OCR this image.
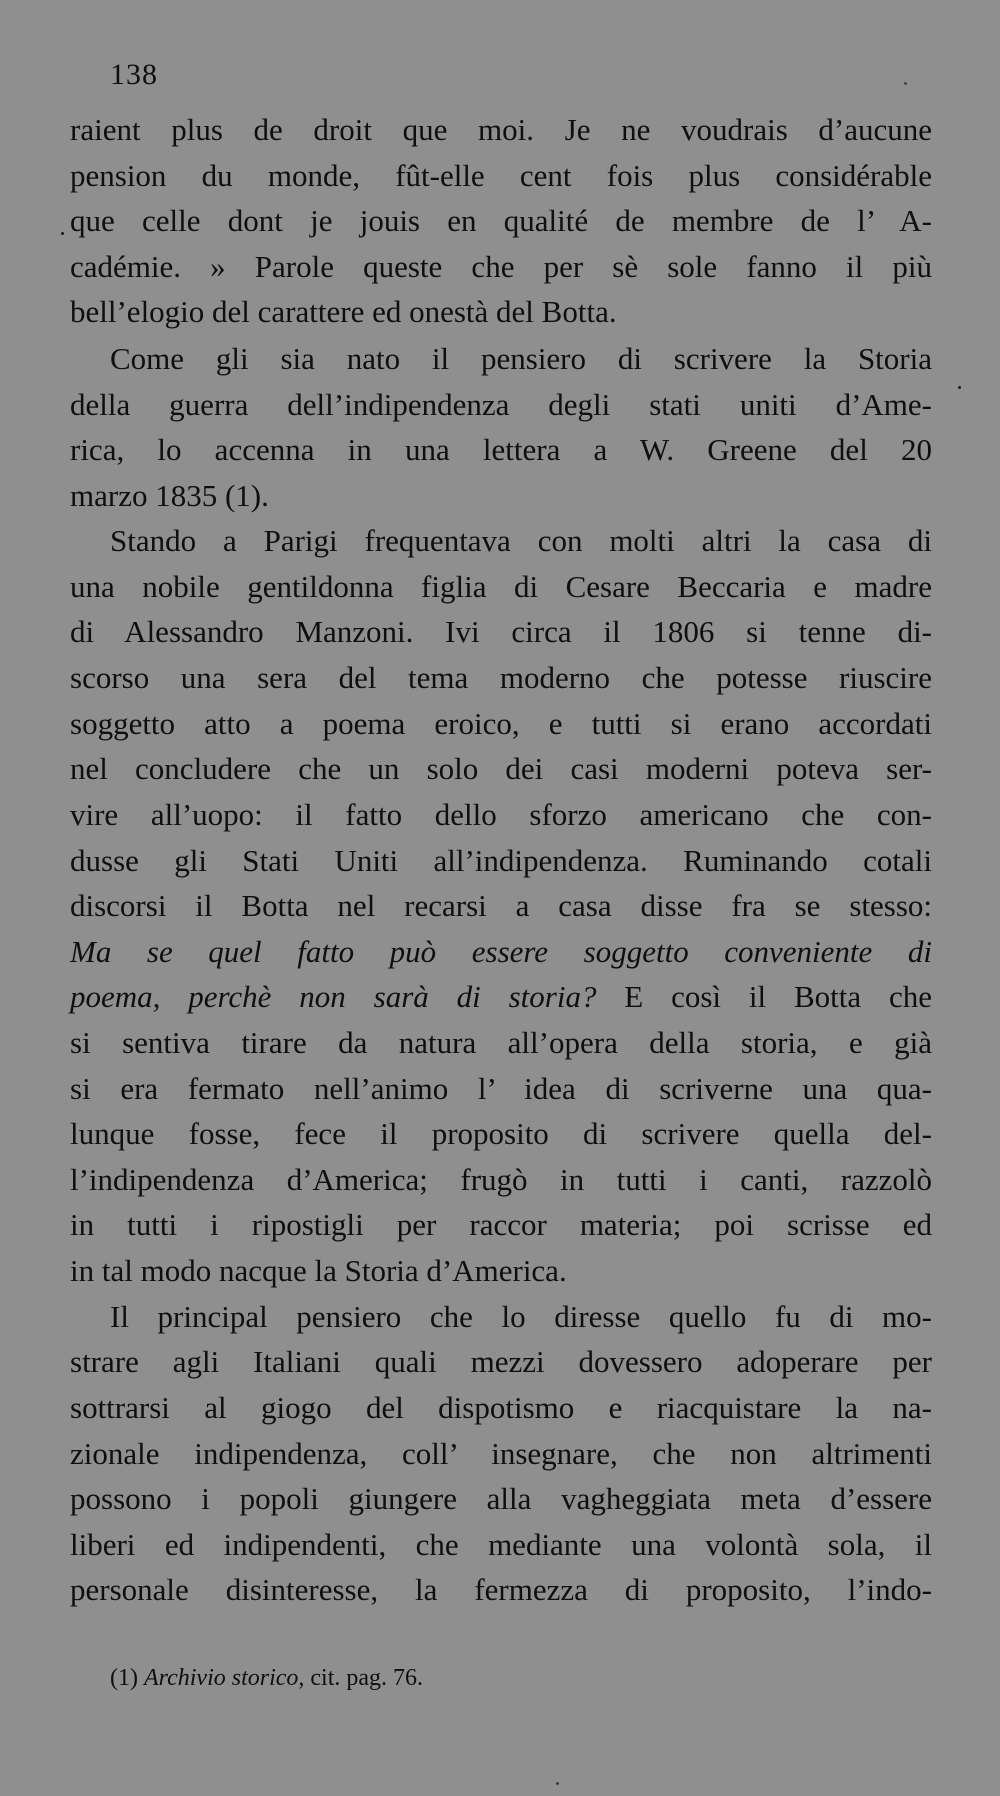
138
raient plus de droit que moi. Je ne voudrais d’aucune
pension du monde, fût-elle cent fois plus considérable
que celle dont je jouis en qualité de membre de l’ A-
cadémie. » Parole queste che per sè sole fanno il più
bell’elogio del carattere ed onestà del Botta.
Come gli sia nato il pensiero di scrivere la Storia
della guerra dell’indipendenza degli stati uniti d’Ame-
rica, lo accenna in una lettera a W. Greene del 20
marzo 1835 (1).
Stando a Parigi frequentava con molti altri la casa di
una nobile gentildonna figlia di Cesare Beccaria e madre
di Alessandro Manzoni. Ivi circa il 1806 si tenne di-
scorso una sera del tema moderno che potesse riuscire
soggetto atto a poema eroico, e tutti si erano accordati
nel concludere che un solo dei casi moderni poteva ser-
vire all’uopo: il fatto dello sforzo americano che con-
dusse gli Stati Uniti all’indipendenza. Ruminando cotali
discorsi il Botta nel recarsi a casa disse fra se stesso:
Ma se quel fatto può essere soggetto conveniente di
poema, perchè non sarà di storia? E così il Botta che
si sentiva tirare da natura all’opera della storia, e già
si era fermato nell’animo l’ idea di scriverne una qua-
lunque fosse, fece il proposito di scrivere quella del-
l’indipendenza d’America; frugò in tutti i canti, razzolò
in tutti i ripostigli per raccor materia; poi scrisse ed
in tal modo nacque la Storia d’America.
Il principal pensiero che lo diresse quello fu di mo-
strare agli Italiani quali mezzi dovessero adoperare per
sottrarsi al giogo del dispotismo e riacquistare la na-
zionale indipendenza, coll’ insegnare, che non altrimenti
possono i popoli giungere alla vagheggiata meta d’essere
liberi ed indipendenti, che mediante una volontà sola, il
personale disinteresse, la fermezza di proposito, l’indo-
(1) Archivio storico, cit. pag. 76.
